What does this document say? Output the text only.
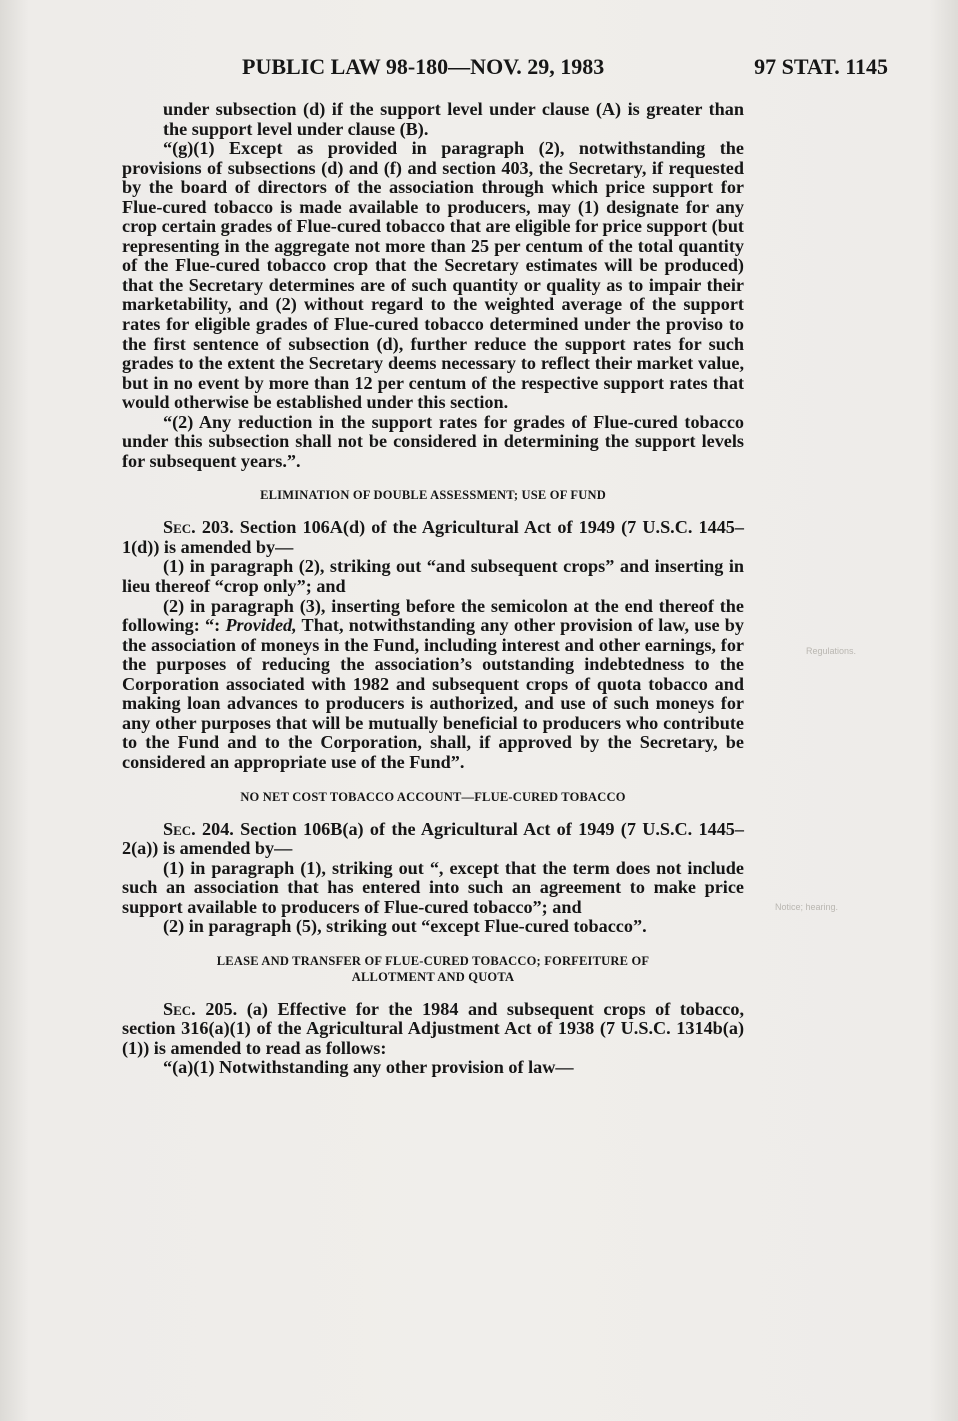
PUBLIC LAW 98-180—NOV. 29, 1983	97 STAT. 1145
Regulations.
Notice; hearing.

under subsection (d) if the support level under clause (A) is greater than the support level under clause (B).

“(g)(1) Except as provided in paragraph (2), notwithstanding the provisions of subsections (d) and (f) and section 403, the Secretary, if requested by the board of directors of the association through which price support for Flue-cured tobacco is made available to producers, may (1) designate for any crop certain grades of Flue-cured tobacco that are eligible for price support (but representing in the aggregate not more than 25 per centum of the total quantity of the Flue-cured tobacco crop that the Secretary estimates will be produced) that the Secretary determines are of such quantity or quality as to impair their marketability, and (2) without regard to the weighted average of the support rates for eligible grades of Flue-cured tobacco determined under the proviso to the first sentence of subsection (d), further reduce the support rates for such grades to the extent the Secretary deems necessary to reflect their market value, but in no event by more than 12 per centum of the respective support rates that would otherwise be established under this section.

“(2) Any reduction in the support rates for grades of Flue-cured tobacco under this subsection shall not be considered in determining the support levels for subsequent years.”.

ELIMINATION OF DOUBLE ASSESSMENT; USE OF FUND

Sec. 203. Section 106A(d) of the Agricultural Act of 1949 (7 U.S.C. 1445–1(d)) is amended by—

(1) in paragraph (2), striking out “and subsequent crops” and inserting in lieu thereof “crop only”; and

(2) in paragraph (3), inserting before the semicolon at the end thereof the following: “: Provided, That, notwithstanding any other provision of law, use by the association of moneys in the Fund, including interest and other earnings, for the purposes of reducing the association’s outstanding indebtedness to the Corporation associated with 1982 and subsequent crops of quota tobacco and making loan advances to producers is authorized, and use of such moneys for any other purposes that will be mutually beneficial to producers who contribute to the Fund and to the Corporation, shall, if approved by the Secretary, be considered an appropriate use of the Fund”.

NO NET COST TOBACCO ACCOUNT—FLUE-CURED TOBACCO

Sec. 204. Section 106B(a) of the Agricultural Act of 1949 (7 U.S.C. 1445–2(a)) is amended by—

(1) in paragraph (1), striking out “, except that the term does not include such an association that has entered into such an agreement to make price support available to producers of Flue-cured tobacco”; and

(2) in paragraph (5), striking out “except Flue-cured tobacco”.

LEASE AND TRANSFER OF FLUE-CURED TOBACCO; FORFEITURE OF
ALLOTMENT AND QUOTA

Sec. 205. (a) Effective for the 1984 and subsequent crops of tobacco, section 316(a)(1) of the Agricultural Adjustment Act of 1938 (7 U.S.C. 1314b(a)(1)) is amended to read as follows:

“(a)(1) Notwithstanding any other provision of law—
